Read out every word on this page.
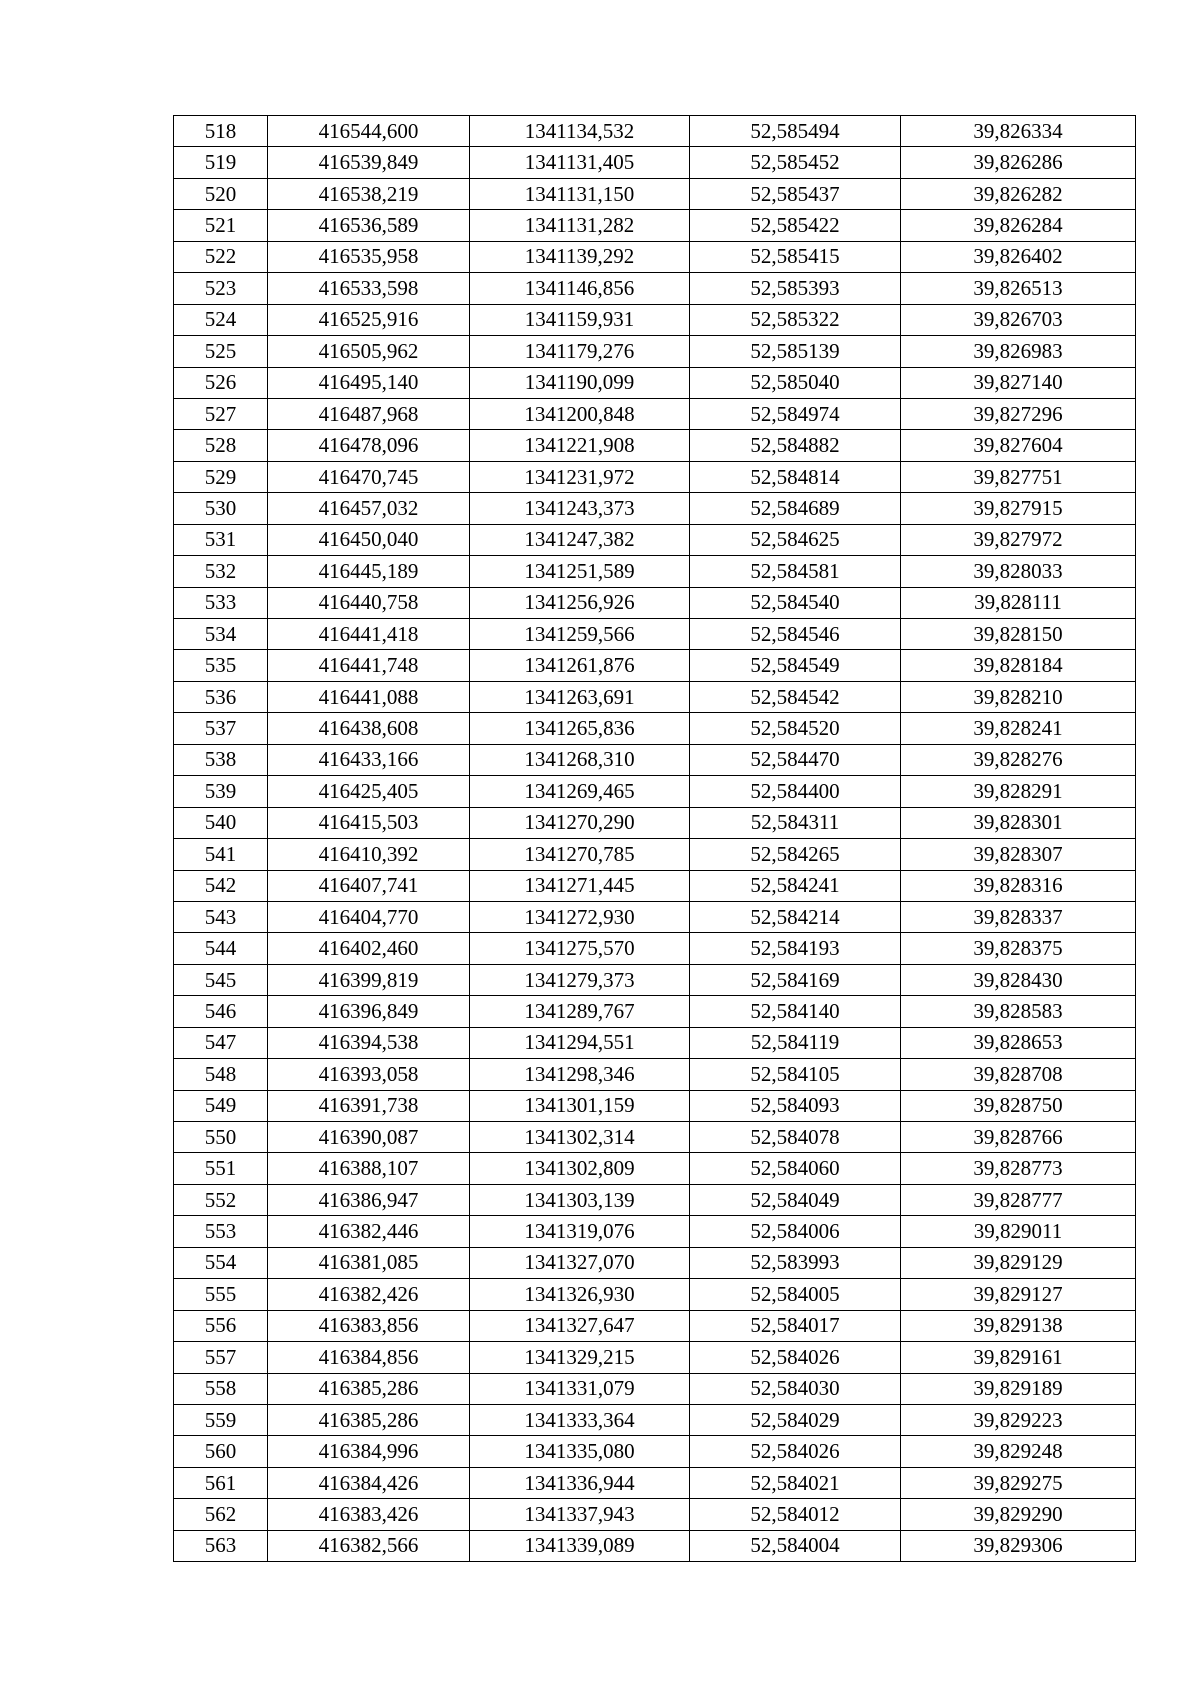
518	416544,600	1341134,532	52,585494	39,826334
519	416539,849	1341131,405	52,585452	39,826286
520	416538,219	1341131,150	52,585437	39,826282
521	416536,589	1341131,282	52,585422	39,826284
522	416535,958	1341139,292	52,585415	39,826402
523	416533,598	1341146,856	52,585393	39,826513
524	416525,916	1341159,931	52,585322	39,826703
525	416505,962	1341179,276	52,585139	39,826983
526	416495,140	1341190,099	52,585040	39,827140
527	416487,968	1341200,848	52,584974	39,827296
528	416478,096	1341221,908	52,584882	39,827604
529	416470,745	1341231,972	52,584814	39,827751
530	416457,032	1341243,373	52,584689	39,827915
531	416450,040	1341247,382	52,584625	39,827972
532	416445,189	1341251,589	52,584581	39,828033
533	416440,758	1341256,926	52,584540	39,828111
534	416441,418	1341259,566	52,584546	39,828150
535	416441,748	1341261,876	52,584549	39,828184
536	416441,088	1341263,691	52,584542	39,828210
537	416438,608	1341265,836	52,584520	39,828241
538	416433,166	1341268,310	52,584470	39,828276
539	416425,405	1341269,465	52,584400	39,828291
540	416415,503	1341270,290	52,584311	39,828301
541	416410,392	1341270,785	52,584265	39,828307
542	416407,741	1341271,445	52,584241	39,828316
543	416404,770	1341272,930	52,584214	39,828337
544	416402,460	1341275,570	52,584193	39,828375
545	416399,819	1341279,373	52,584169	39,828430
546	416396,849	1341289,767	52,584140	39,828583
547	416394,538	1341294,551	52,584119	39,828653
548	416393,058	1341298,346	52,584105	39,828708
549	416391,738	1341301,159	52,584093	39,828750
550	416390,087	1341302,314	52,584078	39,828766
551	416388,107	1341302,809	52,584060	39,828773
552	416386,947	1341303,139	52,584049	39,828777
553	416382,446	1341319,076	52,584006	39,829011
554	416381,085	1341327,070	52,583993	39,829129
555	416382,426	1341326,930	52,584005	39,829127
556	416383,856	1341327,647	52,584017	39,829138
557	416384,856	1341329,215	52,584026	39,829161
558	416385,286	1341331,079	52,584030	39,829189
559	416385,286	1341333,364	52,584029	39,829223
560	416384,996	1341335,080	52,584026	39,829248
561	416384,426	1341336,944	52,584021	39,829275
562	416383,426	1341337,943	52,584012	39,829290
563	416382,566	1341339,089	52,584004	39,829306
